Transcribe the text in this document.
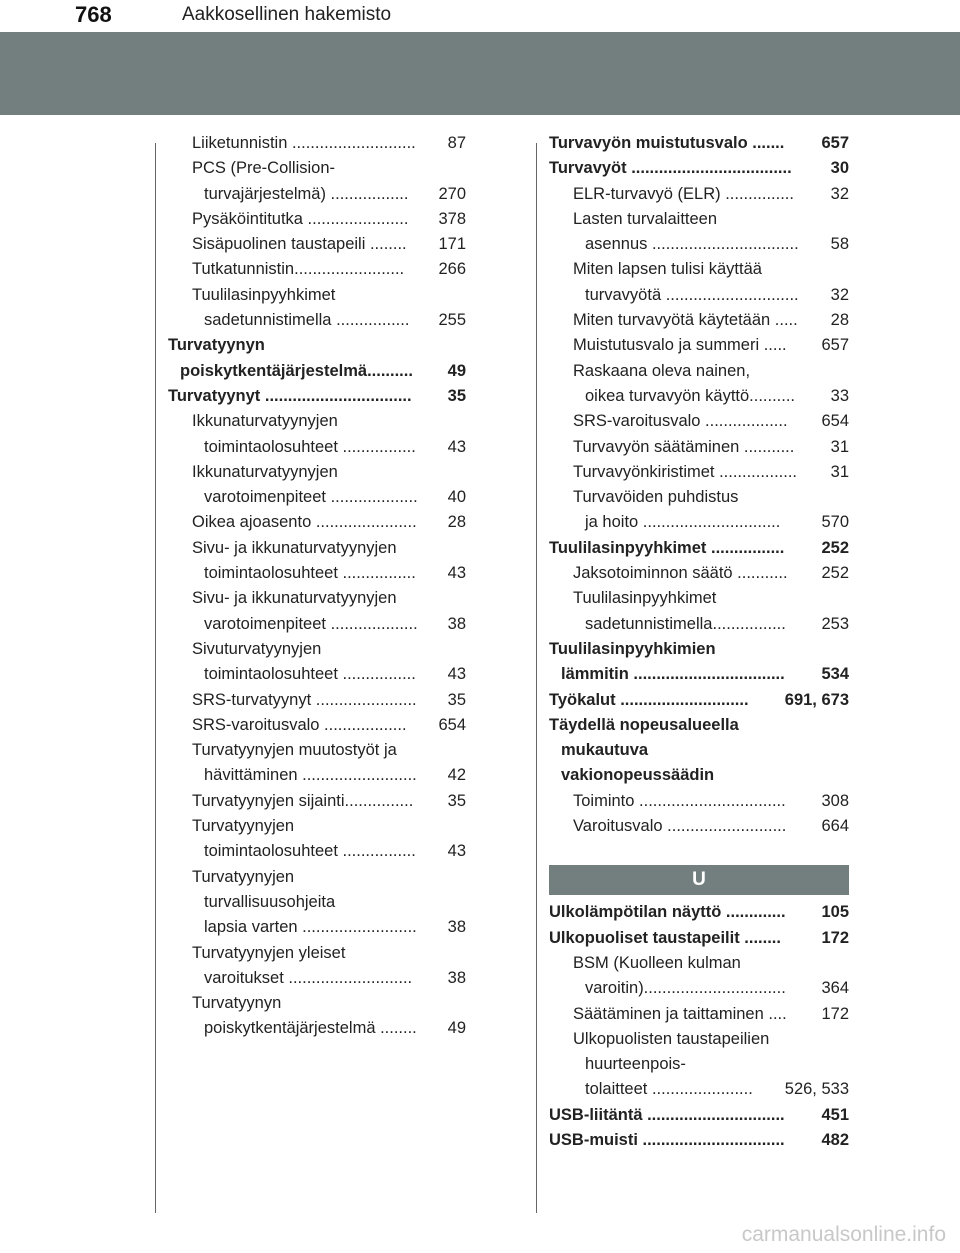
768	Aakkosellinen hakemisto
Liiketunnistin ........................... 87
PCS (Pre-Collision-
turvajärjestelmä) ................. 270
Pysäköintitutka ...................... 378
Sisäpuolinen taustapeili ........ 171
Tutkatunnistin........................ 266
Tuulilasinpyyhkimet
sadetunnistimella ................ 255
Turvatyynyn
poiskytkentäjärjestelmä.......... 49
Turvatyynyt ................................ 35
Ikkunaturvatyynyjen
toimintaolosuhteet ................ 43
Ikkunaturvatyynyjen
varotoimenpiteet ................... 40
Oikea ajoasento ...................... 28
Sivu- ja ikkunaturvatyynyjen
toimintaolosuhteet ................ 43
Sivu- ja ikkunaturvatyynyjen
varotoimenpiteet ................... 38
Sivuturvatyynyjen
toimintaolosuhteet ................ 43
SRS-turvatyynyt ...................... 35
SRS-varoitusvalo .................. 654
Turvatyynyjen muutostyöt ja
hävittäminen ......................... 42
Turvatyynyjen sijainti............... 35
Turvatyynyjen
toimintaolosuhteet ................ 43
Turvatyynyjen
turvallisuusohjeita
lapsia varten ......................... 38
Turvatyynyjen yleiset
varoitukset ........................... 38
Turvatyynyn
poiskytkentäjärjestelmä ........ 49
Turvavyön muistutusvalo ....... 657
Turvavyöt ................................... 30
ELR-turvavyö (ELR) ............... 32
Lasten turvalaitteen
asennus ................................ 58
Miten lapsen tulisi käyttää
turvavyötä ............................. 32
Miten turvavyötä käytetään ..... 28
Muistutusvalo ja summeri ..... 657
Raskaana oleva nainen,
oikea turvavyön käyttö.......... 33
SRS-varoitusvalo .................. 654
Turvavyön säätäminen ........... 31
Turvavyönkiristimet ................. 31
Turvavöiden puhdistus
ja hoito .............................. 570
Tuulilasinpyyhkimet ................ 252
Jaksotoiminnon säätö ........... 252
Tuulilasinpyyhkimet
sadetunnistimella................ 253
Tuulilasinpyyhkimien
lämmitin ................................. 534
Työkalut ............................ 691, 673
Täydellä nopeusalueella
mukautuva
vakionopeussäädin
Toiminto ................................ 308
Varoitusvalo .......................... 664
U
Ulkolämpötilan näyttö ............. 105
Ulkopuoliset taustapeilit ........ 172
BSM (Kuolleen kulman
varoitin)............................... 364
Säätäminen ja taittaminen .... 172
Ulkopuolisten taustapeilien
huurteenpois-
tolaitteet ...................... 526, 533
USB-liitäntä .............................. 451
USB-muisti ............................... 482
carmanualsonline.info
